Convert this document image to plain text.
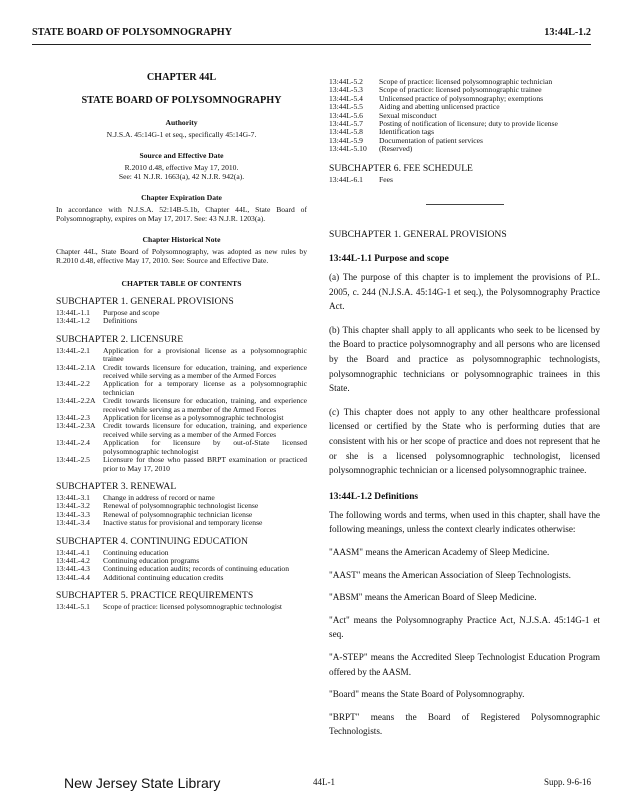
STATE BOARD OF POLYSOMNOGRAPHY	13:44L-1.2

CHAPTER 44L

STATE BOARD OF POLYSOMNOGRAPHY

Authority

N.J.S.A. 45:14G-1 et seq., specifically 45:14G-7.

Source and Effective Date

R.2010 d.48, effective May 17, 2010.

See: 41 N.J.R. 1663(a), 42 N.J.R. 942(a).

Chapter Expiration Date

In accordance with N.J.S.A. 52:14B-5.1b, Chapter 44L, State Board of Polysomnography, expires on May 17, 2017. See: 43 N.J.R. 1203(a).

Chapter Historical Note

Chapter 44L, State Board of Polysomnography, was adopted as new rules by R.2010 d.48, effective May 17, 2010. See: Source and Effective Date.

CHAPTER TABLE OF CONTENTS

SUBCHAPTER 1. GENERAL PROVISIONS

13:44L-1.1	Purpose and scope
13:44L-1.2	Definitions

SUBCHAPTER 2. LICENSURE

13:44L-2.1	Application for a provisional license as a polysomnographic trainee
13:44L-2.1A	Credit towards licensure for education, training, and experience received while serving as a member of the Armed Forces
13:44L-2.2	Application for a temporary license as a polysomnographic technician
13:44L-2.2A	Credit towards licensure for education, training, and experience received while serving as a member of the Armed Forces
13:44L-2.3	Application for license as a polysomnographic technologist
13:44L-2.3A	Credit towards licensure for education, training, and experience received while serving as a member of the Armed Forces
13:44L-2.4	Application for licensure by out-of-State licensed polysomnographic technologist
13:44L-2.5	Licensure for those who passed BRPT examination or practiced prior to May 17, 2010

SUBCHAPTER 3. RENEWAL

13:44L-3.1	Change in address of record or name
13:44L-3.2	Renewal of polysomnographic technologist license
13:44L-3.3	Renewal of polysomnographic technician license
13:44L-3.4	Inactive status for provisional and temporary license

SUBCHAPTER 4. CONTINUING EDUCATION

13:44L-4.1	Continuing education
13:44L-4.2	Continuing education programs
13:44L-4.3	Continuing education audits; records of continuing education
13:44L-4.4	Additional continuing education credits

SUBCHAPTER 5. PRACTICE REQUIREMENTS

13:44L-5.1	Scope of practice: licensed polysomnographic technologist
13:44L-5.2	Scope of practice: licensed polysomnographic technician
13:44L-5.3	Scope of practice: licensed polysomnographic trainee
13:44L-5.4	Unlicensed practice of polysomnography; exemptions
13:44L-5.5	Aiding and abetting unlicensed practice
13:44L-5.6	Sexual misconduct
13:44L-5.7	Posting of notification of licensure; duty to provide license
13:44L-5.8	Identification tags
13:44L-5.9	Documentation of patient services
13:44L-5.10	(Reserved)

SUBCHAPTER 6. FEE SCHEDULE

13:44L-6.1	Fees

SUBCHAPTER 1. GENERAL PROVISIONS

13:44L-1.1 Purpose and scope

(a) The purpose of this chapter is to implement the provisions of P.L. 2005, c. 244 (N.J.S.A. 45:14G-1 et seq.), the Polysomnography Practice Act.

(b) This chapter shall apply to all applicants who seek to be licensed by the Board to practice polysomnography and all persons who are licensed by the Board and practice as polysomnographic technologists, polysomnographic technicians or polysomnographic trainees in this State.

(c) This chapter does not apply to any other healthcare professional licensed or certified by the State who is performing duties that are consistent with his or her scope of practice and does not represent that he or she is a licensed polysomnographic technologist, licensed polysomnographic technician or a licensed polysomnographic trainee.

13:44L-1.2 Definitions

The following words and terms, when used in this chapter, shall have the following meanings, unless the context clearly indicates otherwise:

"AASM" means the American Academy of Sleep Medicine.

"AAST" means the American Association of Sleep Technologists.

"ABSM" means the American Board of Sleep Medicine.

"Act" means the Polysomnography Practice Act, N.J.S.A. 45:14G-1 et seq.

"A-STEP" means the Accredited Sleep Technologist Education Program offered by the AASM.

"Board" means the State Board of Polysomnography.

"BRPT" means the Board of Registered Polysomnographic Technologists.

New Jersey State Library	44L-1	Supp. 9-6-16
